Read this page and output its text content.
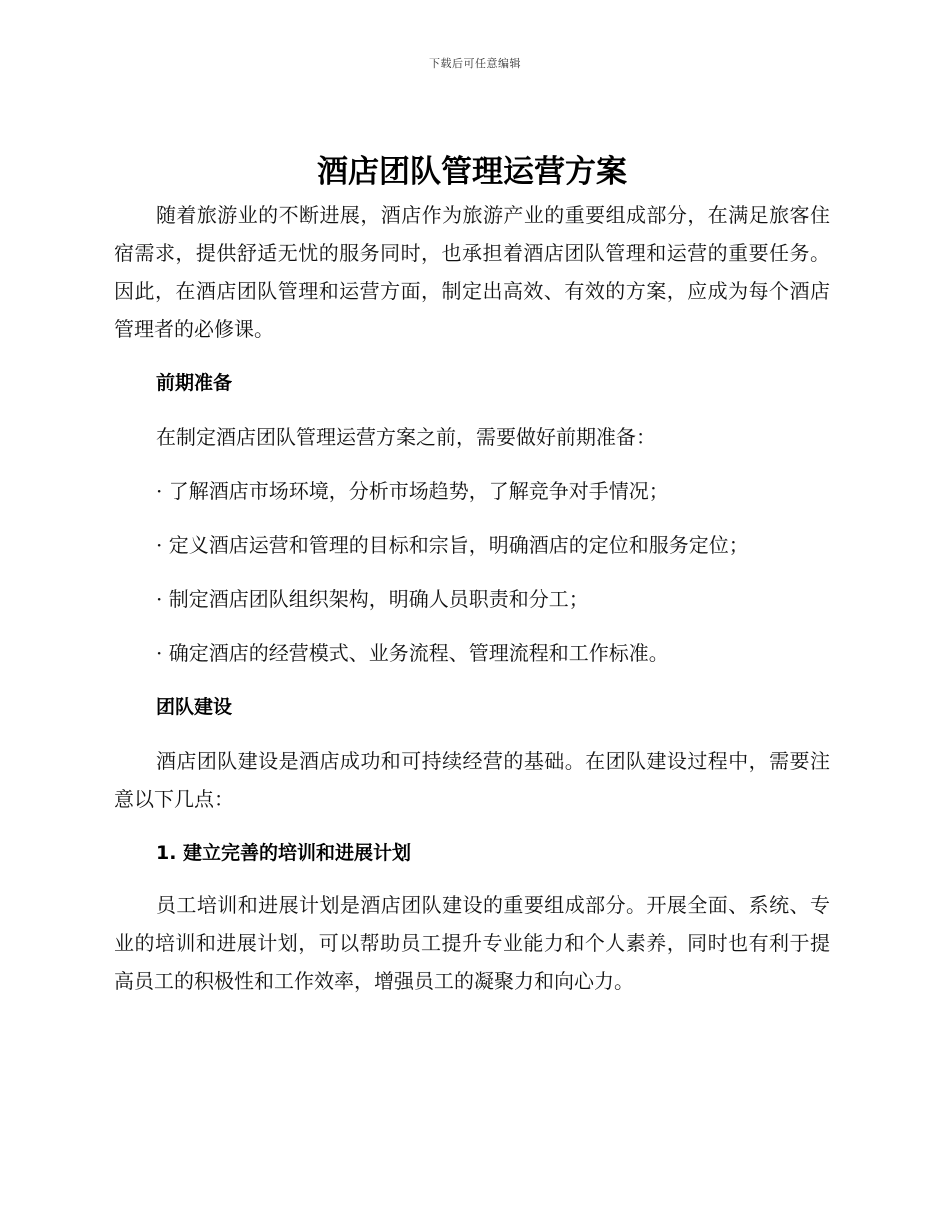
下载后可任意编辑
酒店团队管理运营方案

随着旅游业的不断进展，酒店作为旅游产业的重要组成部分，在满足旅客住宿需求，提供舒适无忧的服务同时，也承担着酒店团队管理和运营的重要任务。因此，在酒店团队管理和运营方面，制定出高效、有效的方案，应成为每个酒店管理者的必修课。

前期准备

在制定酒店团队管理运营方案之前，需要做好前期准备：

· 了解酒店市场环境，分析市场趋势，了解竞争对手情况；

· 定义酒店运营和管理的目标和宗旨，明确酒店的定位和服务定位；

· 制定酒店团队组织架构，明确人员职责和分工；

· 确定酒店的经营模式、业务流程、管理流程和工作标准。

团队建设

酒店团队建设是酒店成功和可持续经营的基础。在团队建设过程中，需要注意以下几点：

1. 建立完善的培训和进展计划

员工培训和进展计划是酒店团队建设的重要组成部分。开展全面、系统、专业的培训和进展计划，可以帮助员工提升专业能力和个人素养，同时也有利于提高员工的积极性和工作效率，增强员工的凝聚力和向心力。
